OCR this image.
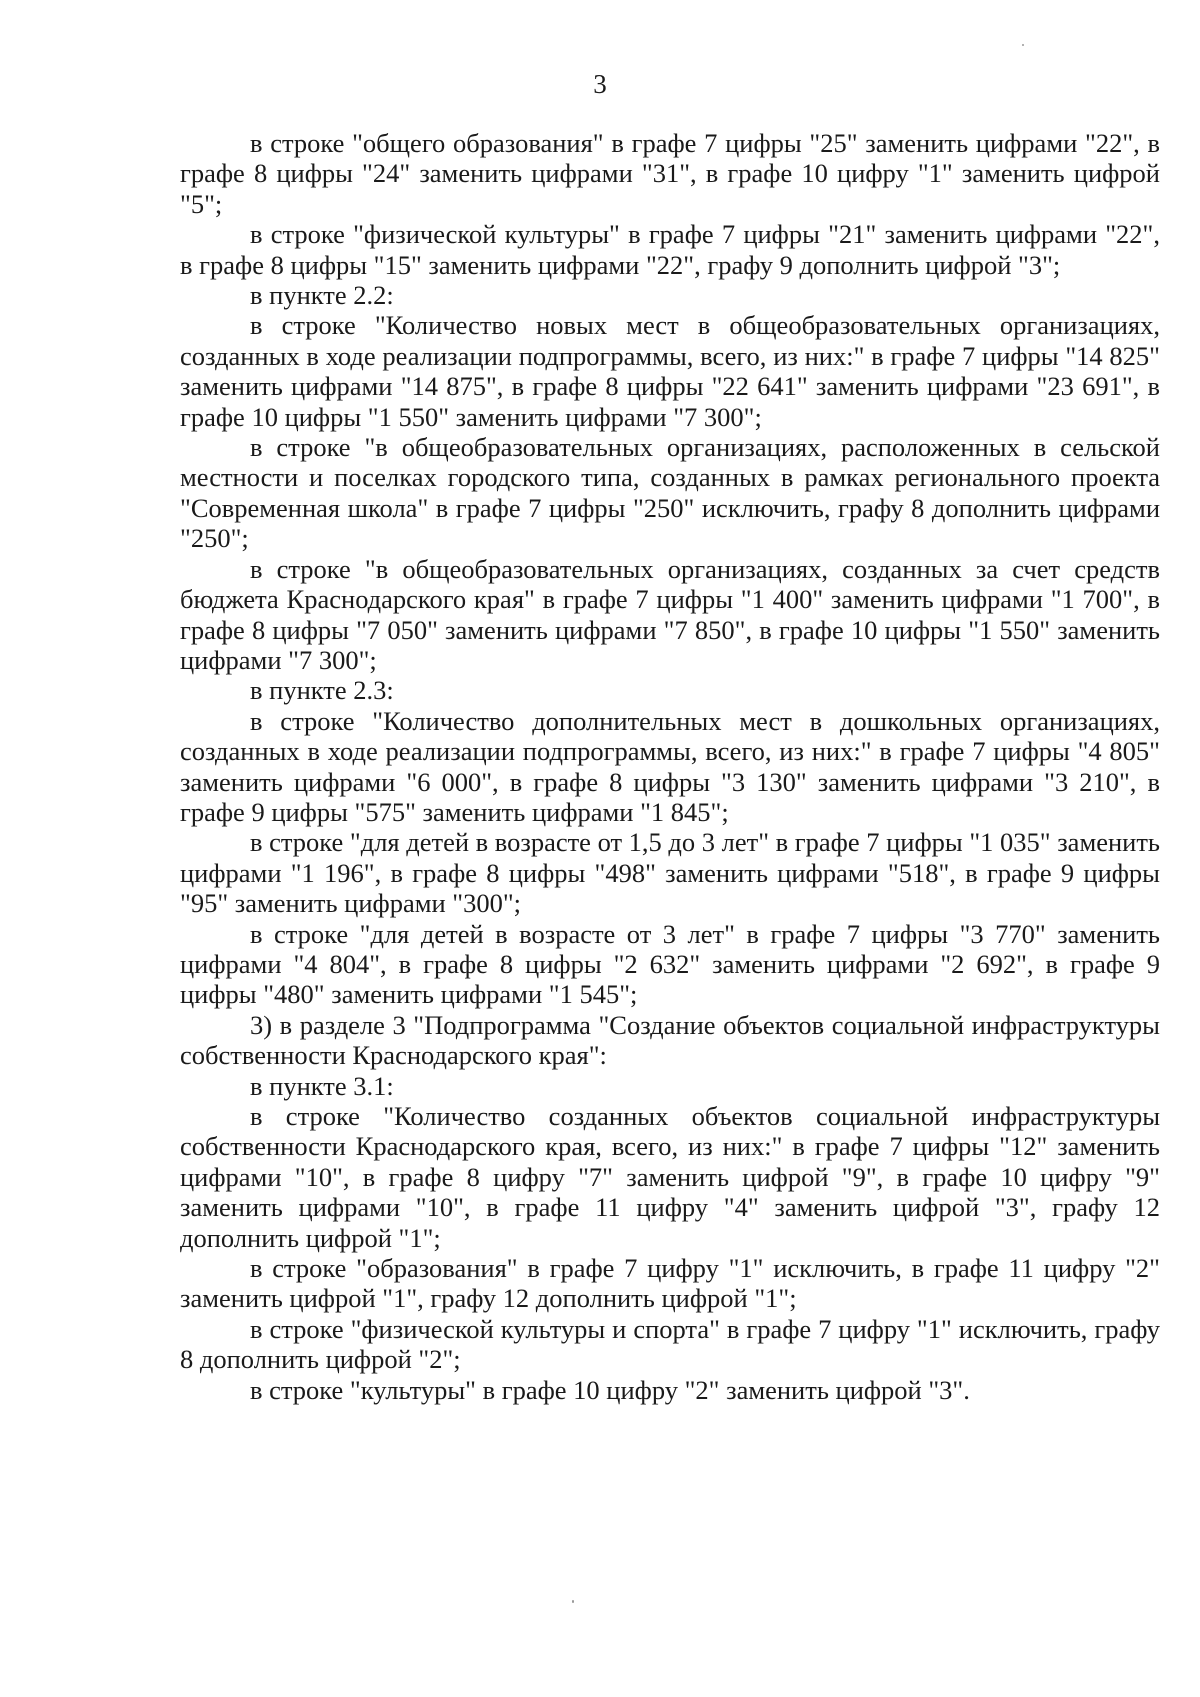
3

в строке "общего образования" в графе 7 цифры "25" заменить цифрами "22", в графе 8 цифры "24" заменить цифрами "31", в графе 10 цифру "1" заменить цифрой "5";

в строке "физической культуры" в графе 7 цифры "21" заменить цифрами "22", в графе 8 цифры "15" заменить цифрами "22", графу 9 дополнить цифрой "3";

в пункте 2.2:

в строке "Количество новых мест в общеобразовательных организациях, созданных в ходе реализации подпрограммы, всего, из них:" в графе 7 цифры "14 825" заменить цифрами "14 875", в графе 8 цифры "22 641" заменить цифрами "23 691", в графе 10 цифры "1 550" заменить цифрами "7 300";

в строке "в общеобразовательных организациях, расположенных в сельской местности и поселках городского типа, созданных в рамках регионального проекта "Современная школа" в графе 7 цифры "250" исключить, графу 8 дополнить цифрами "250";

в строке "в общеобразовательных организациях, созданных за счет средств бюджета Краснодарского края" в графе 7 цифры "1 400" заменить цифрами "1 700", в графе 8 цифры "7 050" заменить цифрами "7 850", в графе 10 цифры "1 550" заменить цифрами "7 300";

в пункте 2.3:

в строке "Количество дополнительных мест в дошкольных организациях, созданных в ходе реализации подпрограммы, всего, из них:" в графе 7 цифры "4 805" заменить цифрами "6 000", в графе 8 цифры "3 130" заменить цифрами "3 210", в графе 9 цифры "575" заменить цифрами "1 845";

в строке "для детей в возрасте от 1,5 до 3 лет" в графе 7 цифры "1 035" заменить цифрами "1 196", в графе 8 цифры "498" заменить цифрами "518", в графе 9 цифры "95" заменить цифрами "300";

в строке "для детей в возрасте от 3 лет" в графе 7 цифры "3 770" заменить цифрами "4 804", в графе 8 цифры "2 632" заменить цифрами "2 692", в графе 9 цифры "480" заменить цифрами "1 545";

3) в разделе 3 "Подпрограмма "Создание объектов социальной инфраструктуры собственности Краснодарского края":

в пункте 3.1:

в строке "Количество созданных объектов социальной инфраструктуры собственности Краснодарского края, всего, из них:" в графе 7 цифры "12" заменить цифрами "10", в графе 8 цифру "7" заменить цифрой "9", в графе 10 цифру "9" заменить цифрами "10", в графе 11 цифру "4" заменить цифрой "3", графу 12 дополнить цифрой "1";

в строке "образования" в графе 7 цифру "1" исключить, в графе 11 цифру "2" заменить цифрой "1", графу 12 дополнить цифрой "1";

в строке "физической культуры и спорта" в графе 7 цифру "1" исключить, графу 8 дополнить цифрой "2";

в строке "культуры" в графе 10 цифру "2" заменить цифрой "3".
